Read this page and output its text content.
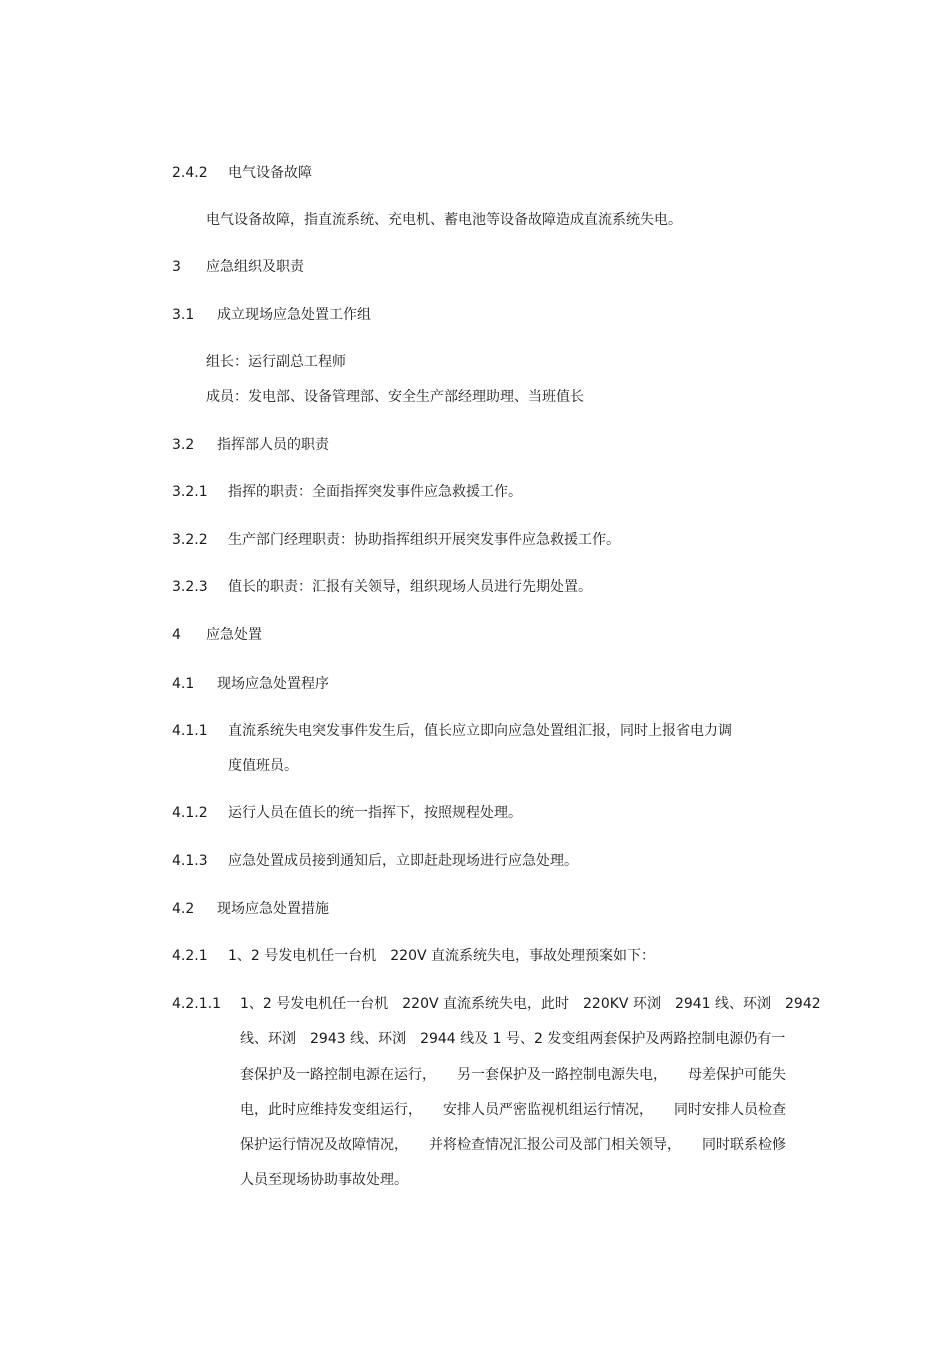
2.4.2 电气设备故障
电气设备故障，指直流系统、充电机、蓄电池等设备故障造成直流系统失电。
3 应急组织及职责
3.1 成立现场应急处置工作组
组长：运行副总工程师
成员：发电部、设备管理部、安全生产部经理助理、当班值长
3.2 指挥部人员的职责
3.2.1 指挥的职责：全面指挥突发事件应急救援工作。
3.2.2 生产部门经理职责：协助指挥组织开展突发事件应急救援工作。
3.2.3 值长的职责：汇报有关领导，组织现场人员进行先期处置。
4 应急处置
4.1 现场应急处置程序
4.1.1 直流系统失电突发事件发生后，值长应立即向应急处置组汇报，同时上报省电力调
度值班员。
4.1.2 运行人员在值长的统一指挥下，按照规程处理。
4.1.3 应急处置成员接到通知后，立即赶赴现场进行应急处理。
4.2 现场应急处置措施
4.2.1 1、2 号发电机任一台机　220V 直流系统失电，事故处理预案如下：
4.2.1.1 1、2 号发电机任一台机　220V 直流系统失电，此时　220KV 环浏　2941 线、环浏　2942
线、环浏　2943 线、环浏　2944 线及 1 号、2 发变组两套保护及两路控制电源仍有一
套保护及一路控制电源在运行，　　另一套保护及一路控制电源失电，　　母差保护可能失
电，此时应维持发变组运行，　　安排人员严密监视机组运行情况，　　同时安排人员检查
保护运行情况及故障情况，　　并将检查情况汇报公司及部门相关领导，　　同时联系检修
人员至现场协助事故处理。
